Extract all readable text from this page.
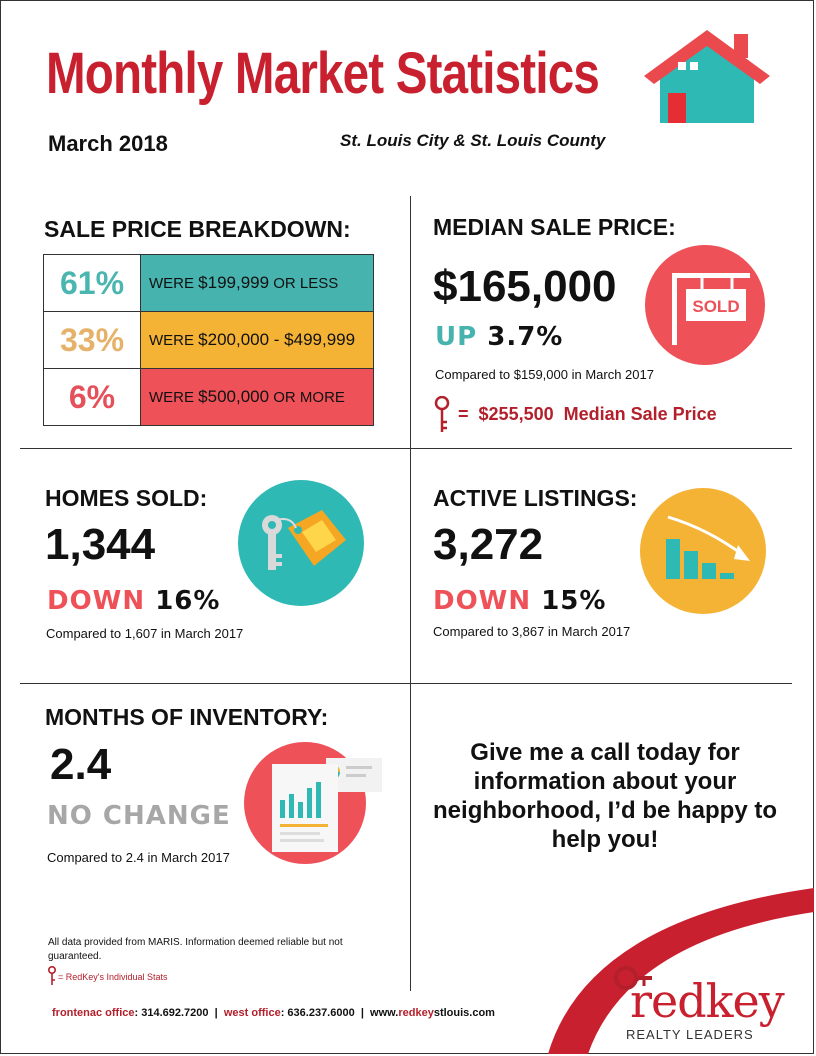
Monthly Market Statistics
March 2018	St. Louis City & St. Louis County
SALE PRICE BREAKDOWN:
61%	WERE $199,999 OR LESS
33%	WERE $200,000 - $499,999
6%	WERE $500,000 OR MORE
MEDIAN SALE PRICE:
$165,000
UP 3.7%
Compared to $159,000 in March 2017
= $255,500 Median Sale Price
SOLD
HOMES SOLD:
1,344
DOWN 16%
Compared to 1,607 in March 2017
ACTIVE LISTINGS:
3,272
DOWN 15%
Compared to 3,867 in March 2017
MONTHS OF INVENTORY:
2.4
NO CHANGE
Compared to 2.4 in March 2017
Give me a call today for information about your neighborhood, I’d be happy to help you!
All data provided from MARIS. Information deemed reliable but not guaranteed.
= RedKey's Individual Stats
frontenac office: 314.692.7200  |  west office: 636.237.6000  |  www.redkeystlouis.com	redkey
REALTY LEADERS
